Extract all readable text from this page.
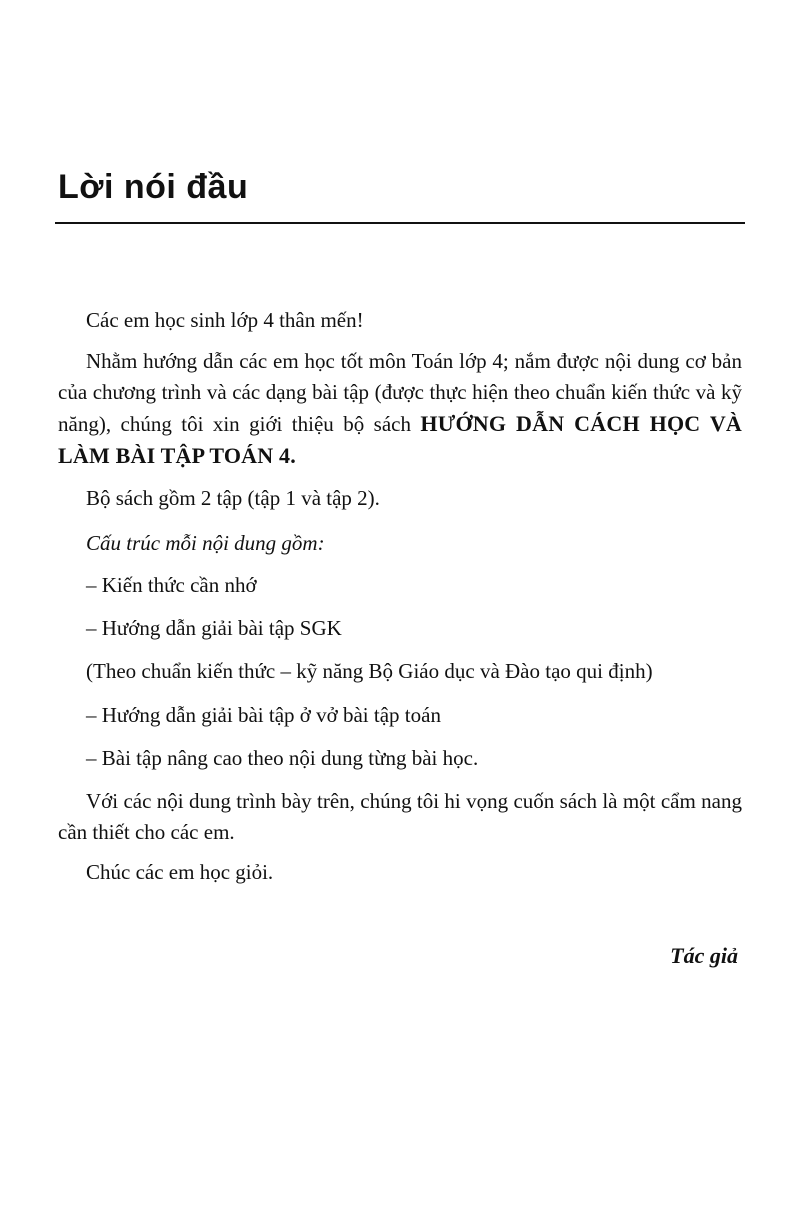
Lời nói đầu
Các em học sinh lớp 4 thân mến!

Nhằm hướng dẫn các em học tốt môn Toán lớp 4; nắm được nội dung cơ bản của chương trình và các dạng bài tập (được thực hiện theo chuẩn kiến thức và kỹ năng), chúng tôi xin giới thiệu bộ sách HƯỚNG DẪN CÁCH HỌC VÀ LÀM BÀI TẬP TOÁN 4.

Bộ sách gồm 2 tập (tập 1 và tập 2).
Cấu trúc mỗi nội dung gồm:
– Kiến thức cần nhớ
– Hướng dẫn giải bài tập SGK
(Theo chuẩn kiến thức – kỹ năng Bộ Giáo dục và Đào tạo qui định)
– Hướng dẫn giải bài tập ở vở bài tập toán
– Bài tập nâng cao theo nội dung từng bài học.

Với các nội dung trình bày trên, chúng tôi hi vọng cuốn sách là một cẩm nang cần thiết cho các em.

Chúc các em học giỏi.
Tác giả
